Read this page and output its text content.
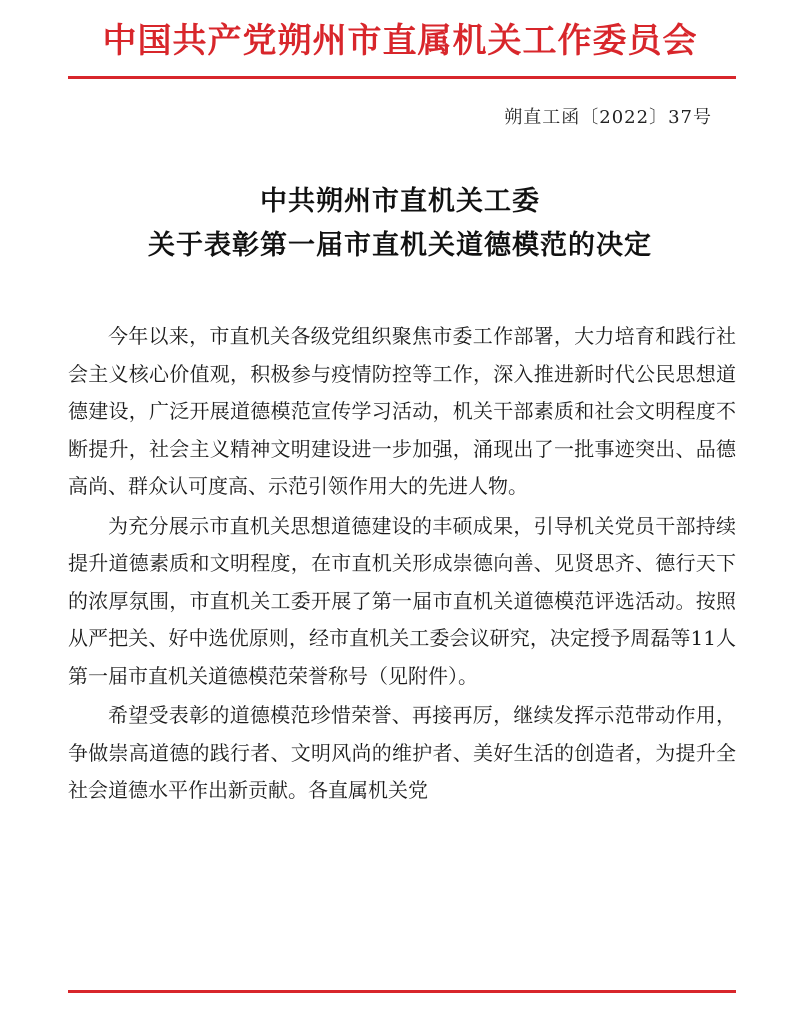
中国共产党朔州市直属机关工作委员会
朔直工函〔2022〕37号
中共朔州市直机关工委
关于表彰第一届市直机关道德模范的决定

今年以来，市直机关各级党组织聚焦市委工作部署，大力培育和践行社会主义核心价值观，积极参与疫情防控等工作，深入推进新时代公民思想道德建设，广泛开展道德模范宣传学习活动，机关干部素质和社会文明程度不断提升，社会主义精神文明建设进一步加强，涌现出了一批事迹突出、品德高尚、群众认可度高、示范引领作用大的先进人物。

为充分展示市直机关思想道德建设的丰硕成果，引导机关党员干部持续提升道德素质和文明程度，在市直机关形成崇德向善、见贤思齐、德行天下的浓厚氛围，市直机关工委开展了第一届市直机关道德模范评选活动。按照从严把关、好中选优原则，经市直机关工委会议研究，决定授予周磊等11人第一届市直机关道德模范荣誉称号（见附件）。

希望受表彰的道德模范珍惜荣誉、再接再厉，继续发挥示范带动作用，争做崇高道德的践行者、文明风尚的维护者、美好生活的创造者，为提升全社会道德水平作出新贡献。各直属机关党
